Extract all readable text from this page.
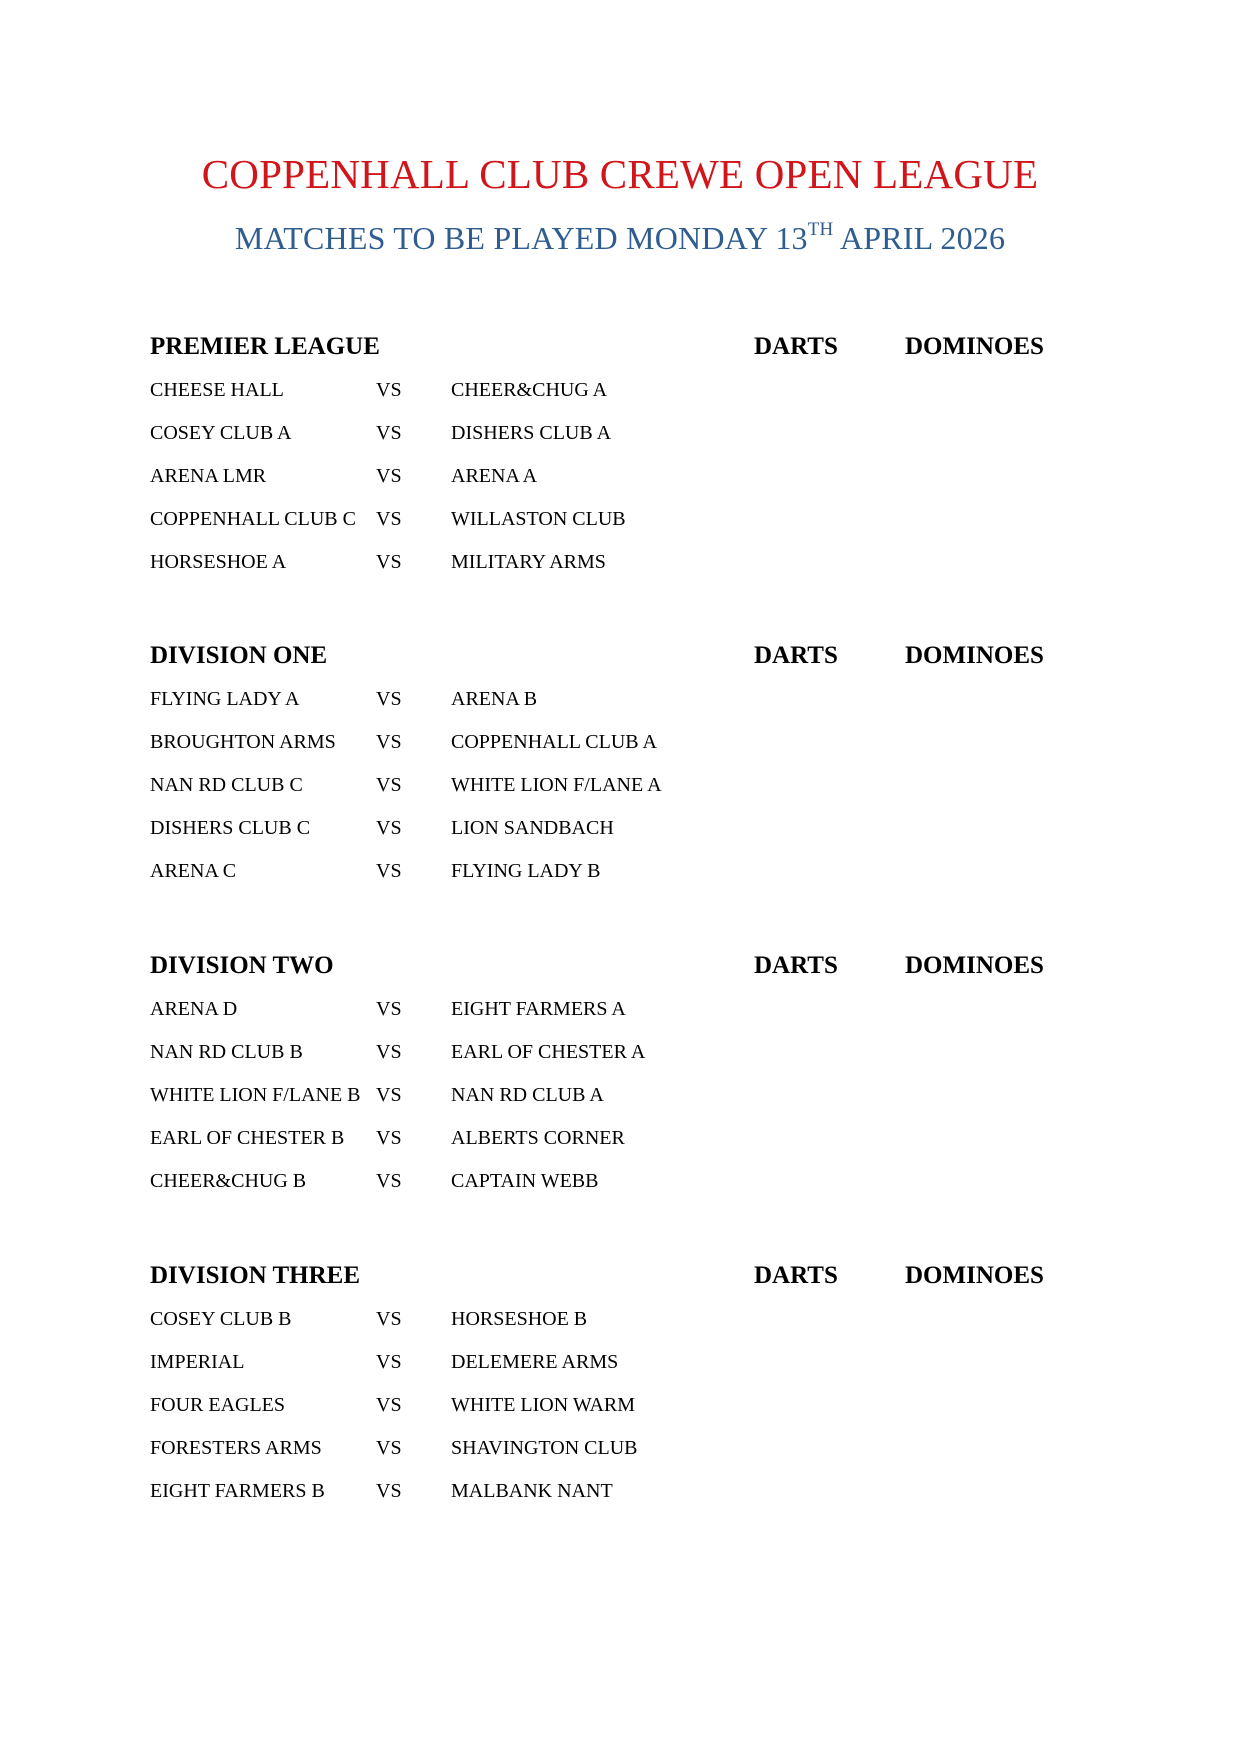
COPPENHALL CLUB CREWE OPEN LEAGUE
MATCHES TO BE PLAYED MONDAY 13TH APRIL 2026
PREMIER LEAGUE	DARTS	DOMINOES
CHEESE HALL	VS CHEER&CHUG A
COSEY CLUB A	VS DISHERS CLUB A
ARENA LMR	VS ARENA A
COPPENHALL CLUB C VS WILLASTON CLUB
HORSESHOE A	VS MILITARY ARMS
DIVISION ONE	DARTS	DOMINOES
FLYING LADY A	VS ARENA B
BROUGHTON ARMS VS COPPENHALL CLUB A
NAN RD CLUB C	VS WHITE LION F/LANE A
DISHERS CLUB C	VS LION SANDBACH
ARENA C	VS FLYING LADY B
DIVISION TWO	DARTS	DOMINOES
ARENA D	VS EIGHT FARMERS A
NAN RD CLUB B	VS EARL OF CHESTER A
WHITE LION F/LANE B VS NAN RD CLUB A
EARL OF CHESTER B VS ALBERTS CORNER
CHEER&CHUG B	VS CAPTAIN WEBB
DIVISION THREE	DARTS	DOMINOES
COSEY CLUB B	VS HORSESHOE B
IMPERIAL	VS DELEMERE ARMS
FOUR EAGLES	VS WHITE LION WARM
FORESTERS ARMS	VS SHAVINGTON CLUB
EIGHT FARMERS B	VS MALBANK NANT
